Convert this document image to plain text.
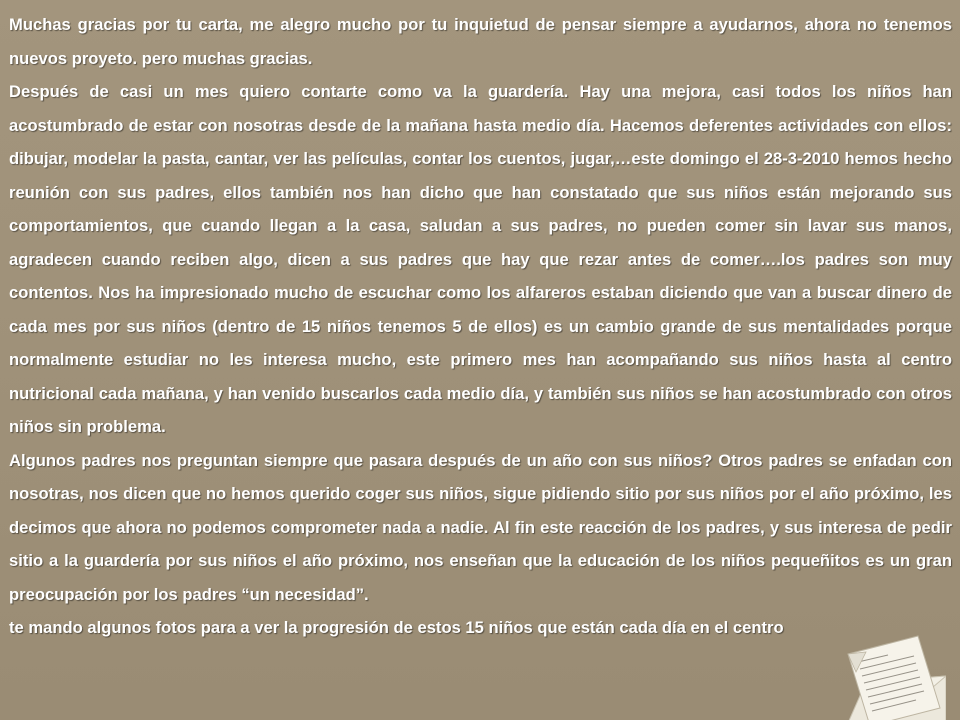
Muchas gracias por tu carta, me alegro mucho por tu inquietud de pensar siempre a ayudarnos, ahora no tenemos nuevos proyeto. pero muchas gracias.

Después de casi un mes quiero contarte como va la guardería. Hay una mejora, casi todos los niños han acostumbrado de estar con nosotras desde de la mañana hasta medio día. Hacemos deferentes actividades con ellos: dibujar, modelar la pasta, cantar, ver las películas, contar los cuentos, jugar,…este domingo el 28-3-2010 hemos hecho reunión con sus padres, ellos también nos han dicho que han constatado que sus niños están mejorando sus comportamientos, que cuando llegan a la casa, saludan a sus padres, no pueden comer sin lavar sus manos, agradecen cuando reciben algo, dicen a sus padres que hay que rezar antes de comer….los padres son muy contentos. Nos ha impresionado mucho de escuchar como los alfareros estaban diciendo que van a buscar dinero de cada mes por sus niños (dentro de 15 niños tenemos 5 de ellos) es un cambio grande de sus mentalidades porque normalmente estudiar no les interesa mucho, este primero mes han acompañando sus niños hasta al centro nutricional cada mañana, y han venido buscarlos cada medio día, y también sus niños se han acostumbrado con otros niños sin problema.

Algunos padres nos preguntan siempre que pasara después de un año con sus niños? Otros padres se enfadan con nosotras, nos dicen que no hemos querido coger sus niños, sigue pidiendo sitio por sus niños por el año próximo, les decimos que ahora no podemos comprometer nada a nadie. Al fin este reacción de los padres, y sus interesa de pedir sitio a la guardería por sus niños el año próximo, nos enseñan que la educación de los niños pequeñitos es un gran preocupación por los padres “un necesidad”.

te mando algunos fotos para a ver la progresión de estos 15 niños que están cada día en el centro
